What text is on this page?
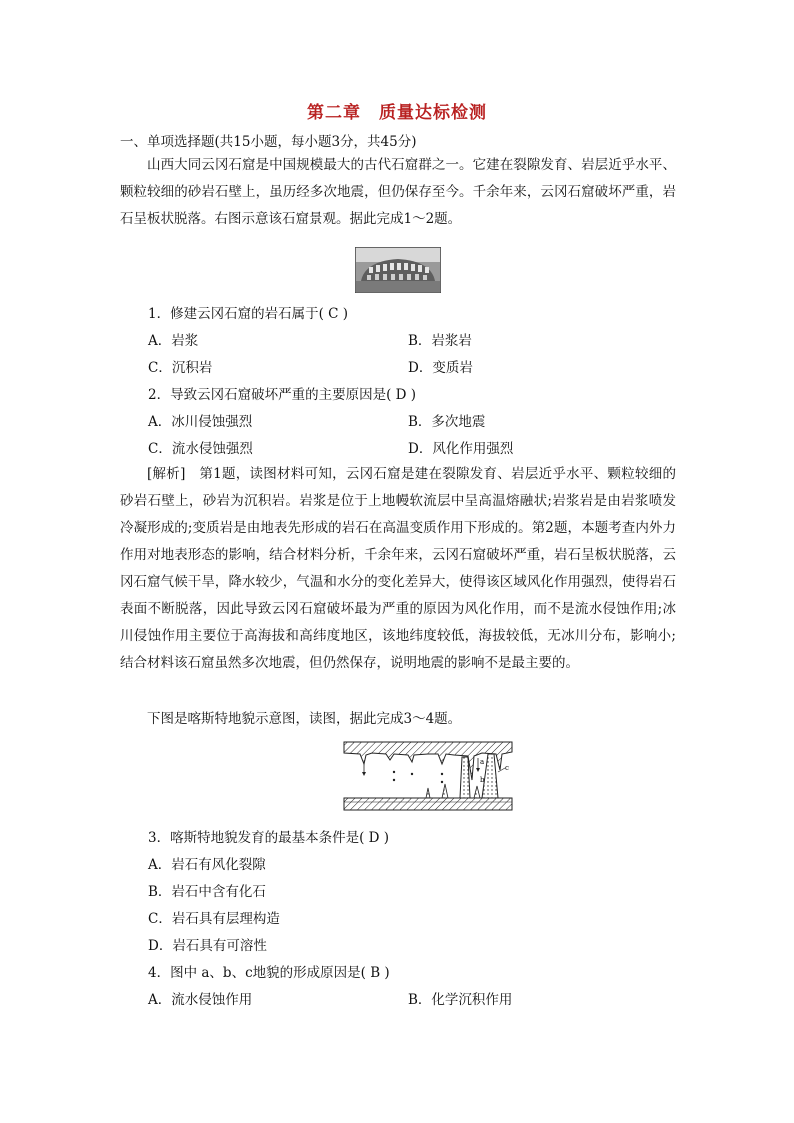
第二章　质量达标检测
一、单项选择题(共15小题，每小题3分，共45分)
山西大同云冈石窟是中国规模最大的古代石窟群之一。它建在裂隙发育、岩层近乎水平、颗粒较细的砂岩石壁上，虽历经多次地震，但仍保存至今。千余年来，云冈石窟破坏严重，岩石呈板状脱落。右图示意该石窟景观。据此完成1～2题。
1．修建云冈石窟的岩石属于( C )
A．岩浆	B．岩浆岩
C．沉积岩	D．变质岩
2．导致云冈石窟破坏严重的主要原因是( D )
A．冰川侵蚀强烈	B．多次地震
C．流水侵蚀强烈	D．风化作用强烈
[解析]　第1题，读图材料可知，云冈石窟是建在裂隙发育、岩层近乎水平、颗粒较细的砂岩石壁上，砂岩为沉积岩。岩浆是位于上地幔软流层中呈高温熔融状;岩浆岩是由岩浆喷发冷凝形成的;变质岩是由地表先形成的岩石在高温变质作用下形成的。第2题，本题考查内外力作用对地表形态的影响，结合材料分析，千余年来，云冈石窟破坏严重，岩石呈板状脱落，云冈石窟气候干旱，降水较少，气温和水分的变化差异大，使得该区域风化作用强烈，使得岩石表面不断脱落，因此导致云冈石窟破坏最为严重的原因为风化作用，而不是流水侵蚀作用;冰川侵蚀作用主要位于高海拔和高纬度地区，该地纬度较低，海拔较低，无冰川分布，影响小;结合材料该石窟虽然多次地震，但仍然保存，说明地震的影响不是最主要的。
下图是喀斯特地貌示意图，读图，据此完成3～4题。
a
b
c
3．喀斯特地貌发育的最基本条件是( D )
A．岩石有风化裂隙
B．岩石中含有化石
C．岩石具有层理构造
D．岩石具有可溶性
4．图中 a、b、c地貌的形成原因是( B )
A．流水侵蚀作用	B．化学沉积作用
